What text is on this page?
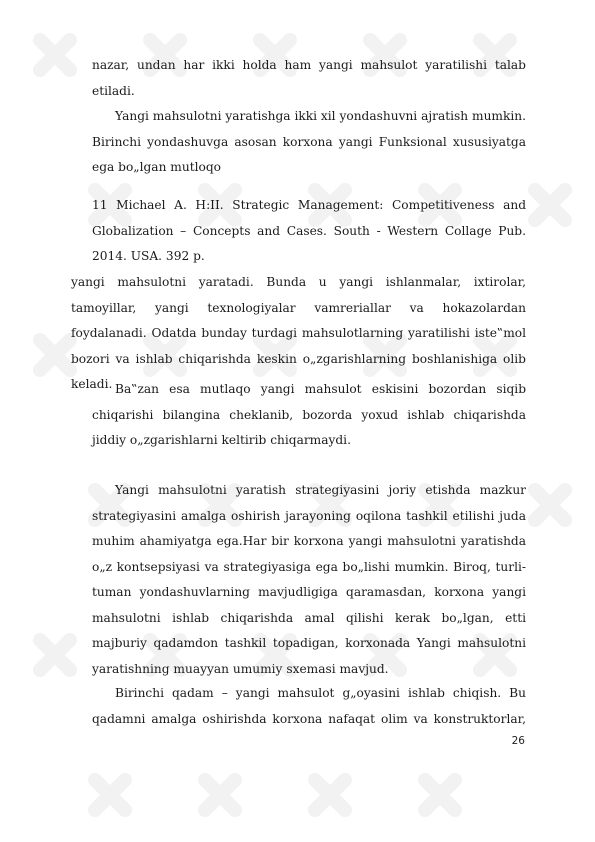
nazar, undan har ikki holda ham yangi mahsulot yaratilishi talab etiladi.

Yangi mahsulotni yaratishga ikki xil yondashuvni ajratish mumkin. Birinchi yondashuvga asosan korxona yangi Funksional xususiyatga ega bo„lgan mutloqo

11 Michael A. H:II. Strategic Management: Competitiveness and Globalization – Concepts and Cases. South - Western Collage Pub. 2014. USA. 392 p.

yangi mahsulotni yaratadi. Bunda u yangi ishlanmalar, ixtirolar, tamoyillar, yangi texnologiyalar vamreriallar va hokazolardan foydalanadi. Odatda bunday turdagi mahsulotlarning yaratilishi iste‟mol bozori va ishlab chiqarishda keskin o„zgarishlarning boshlanishiga olib keladi. Ba‟zan esa mutlaqo yangi mahsulot eskisini bozordan siqib chiqarishi bilangina cheklanib, bozorda yoxud ishlab chiqarishda jiddiy o„zgarishlarni keltirib chiqarmaydi.

Yangi mahsulotni yaratish strategiyasini joriy etishda mazkur strategiyasini amalga oshirish jarayoning oqilona tashkil etilishi juda muhim ahamiyatga ega.Har bir korxona yangi mahsulotni yaratishda o„z kontsepsiyasi va strategiyasiga ega bo„lishi mumkin. Biroq, turli-tuman yondashuvlarning mavjudligiga qaramasdan, korxona yangi mahsulotni ishlab chiqarishda amal qilishi kerak bo„lgan, etti majburiy qadamdon tashkil topadigan, korxonada Yangi mahsulotni yaratishning muayyan umumiy sxemasi mavjud.

Birinchi qadam – yangi mahsulot g„oyasini ishlab chiqish. Bu qadamni amalga oshirishda korxona nafaqat olim va konstruktorlar,

26
